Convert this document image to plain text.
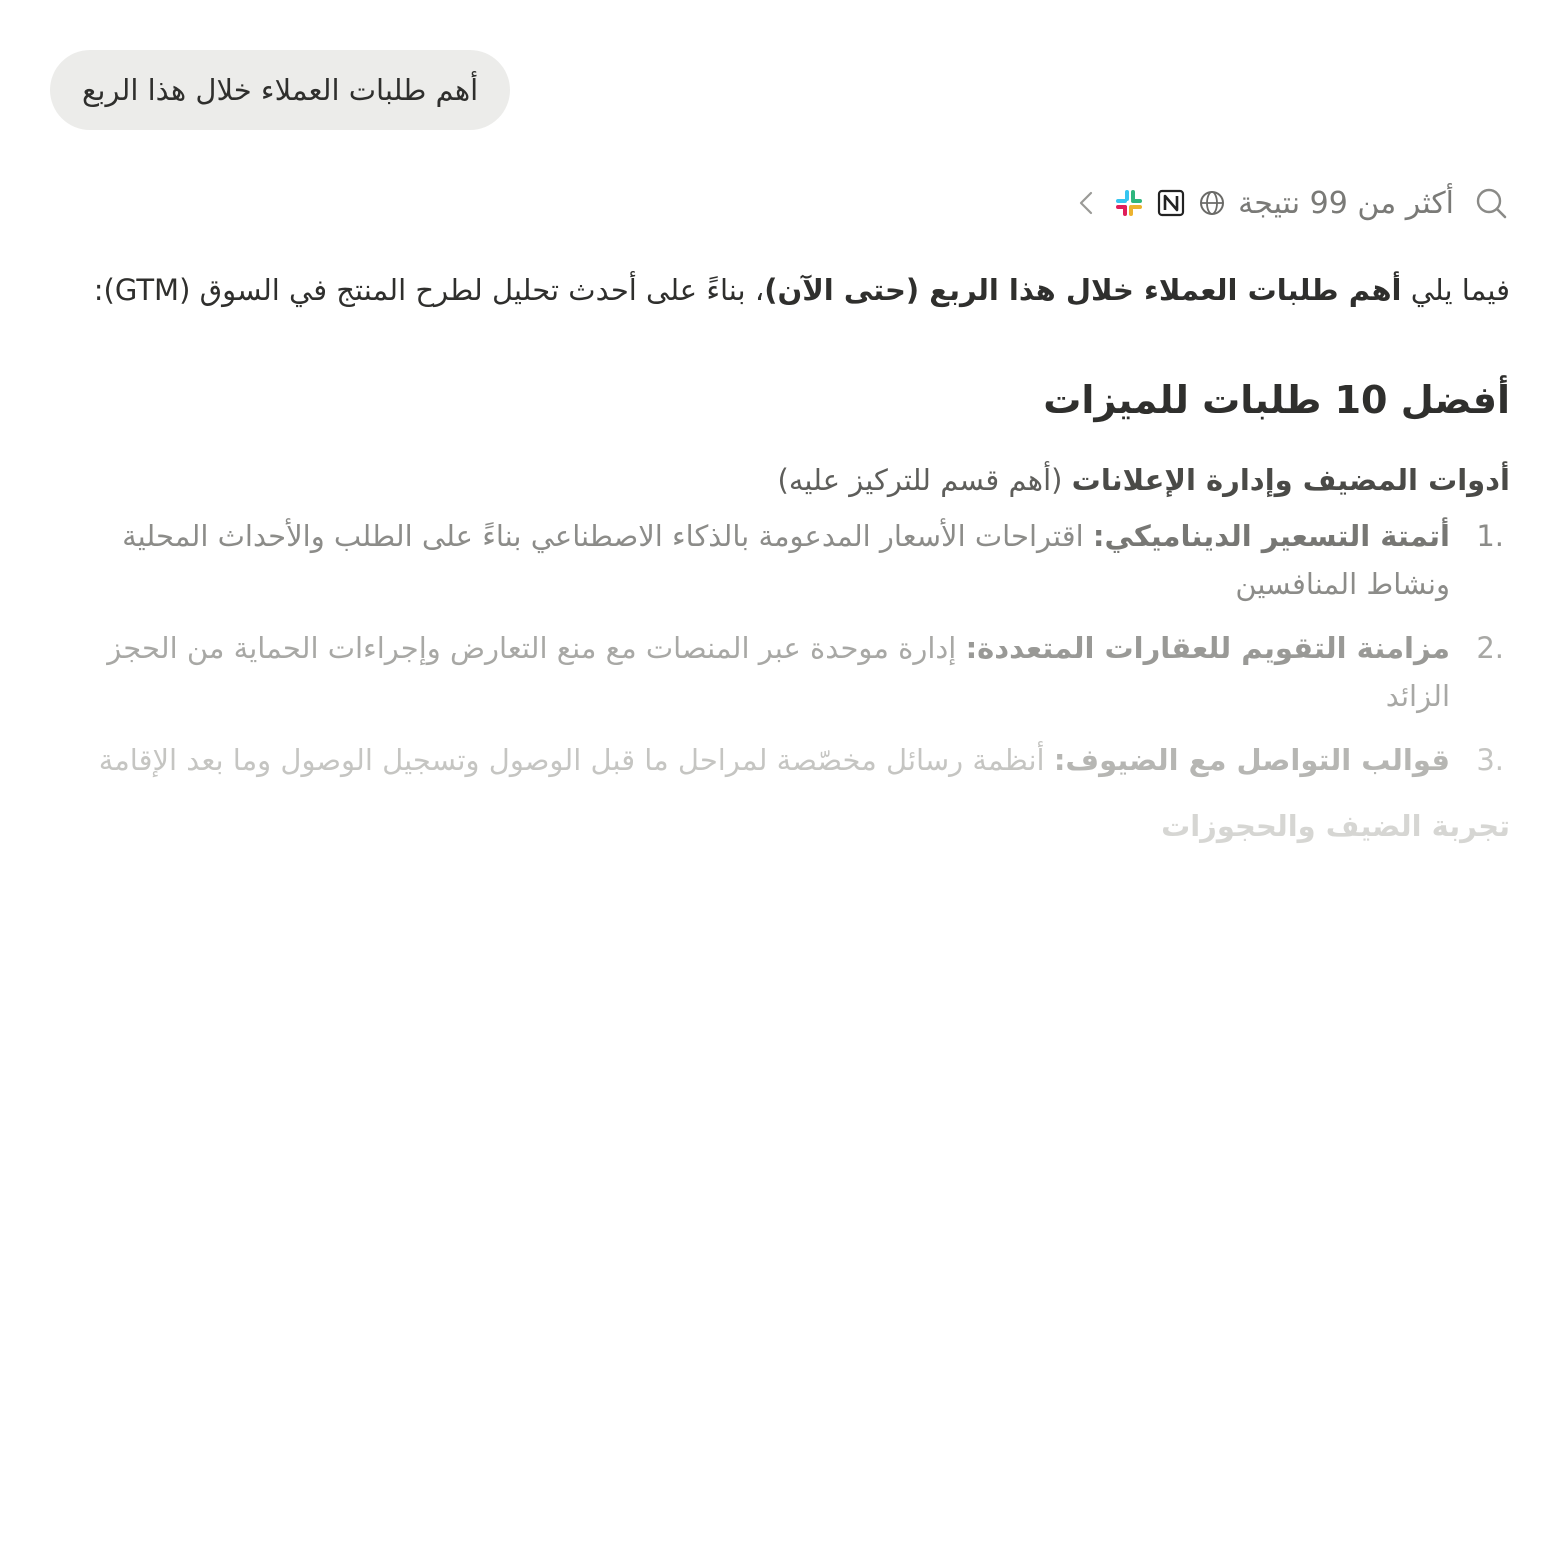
أهم طلبات العملاء خلال هذا الربع
أكثر من 99 نتيجة

فيما يلي أهم طلبات العملاء خلال هذا الربع (حتى الآن)، بناءً على أحدث تحليل لطرح المنتج في السوق (GTM):

أفضل 10 طلبات للميزات

أدوات المضيف وإدارة الإعلانات (أهم قسم للتركيز عليه)

1.
أتمتة التسعير الديناميكي: اقتراحات الأسعار المدعومة بالذكاء الاصطناعي بناءً على الطلب والأحداث المحلية ونشاط المنافسين
2.
مزامنة التقويم للعقارات المتعددة: إدارة موحدة عبر المنصات مع منع التعارض وإجراءات الحماية من الحجز الزائد
3.
قوالب التواصل مع الضيوف: أنظمة رسائل مخصّصة لمراحل ما قبل الوصول وتسجيل الوصول وما بعد الإقامة

تجربة الضيف والحجوزات
